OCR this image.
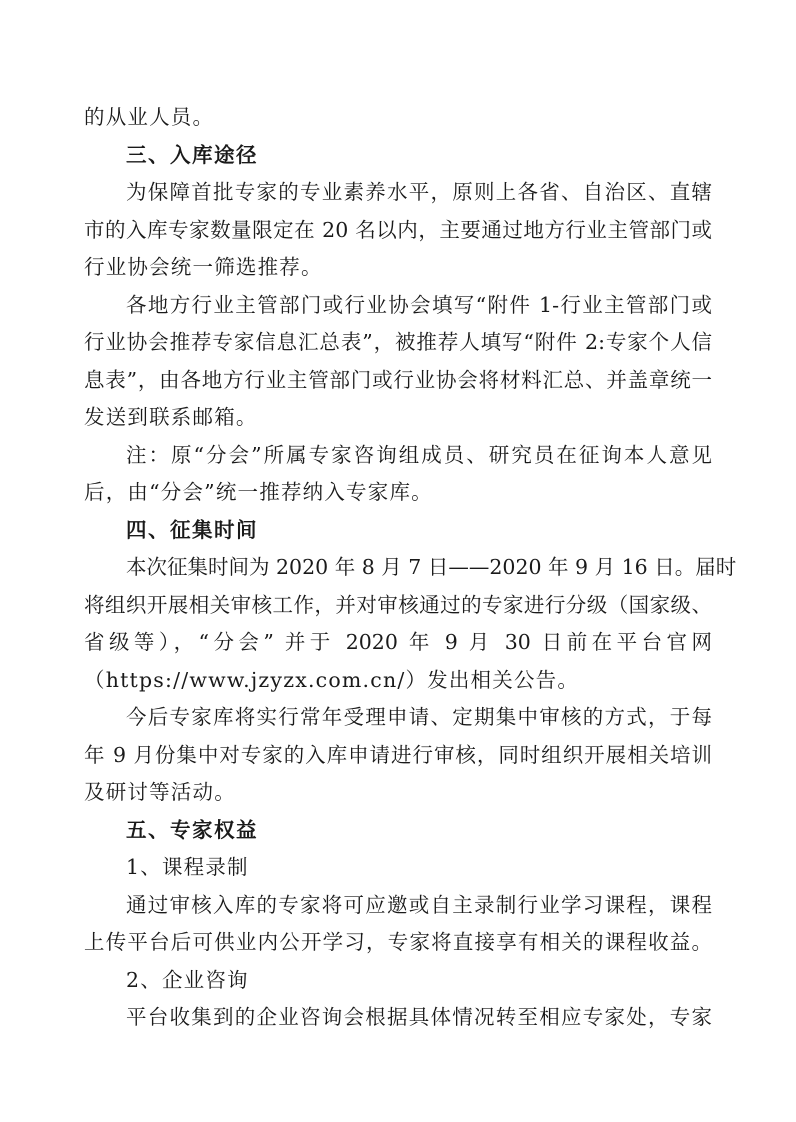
的从业人员。
三、入库途径
为保障首批专家的专业素养水平，原则上各省、自治区、直辖
市的入库专家数量限定在 20 名以内，主要通过地方行业主管部门或
行业协会统一筛选推荐。
各地方行业主管部门或行业协会填写“附件 1-行业主管部门或
行业协会推荐专家信息汇总表”，被推荐人填写“附件 2:专家个人信
息表”，由各地方行业主管部门或行业协会将材料汇总、并盖章统一
发送到联系邮箱。
注：原“分会”所属专家咨询组成员、研究员在征询本人意见
后，由“分会”统一推荐纳入专家库。
四、征集时间
本次征集时间为 2020 年 8 月 7 日——2020 年 9 月 16 日。届时
将组织开展相关审核工作，并对审核通过的专家进行分级（国家级、
省级等），“分会” 并于 2020 年 9 月 30 日前在平台官网
（https://www.jzyzx.com.cn/）发出相关公告。
今后专家库将实行常年受理申请、定期集中审核的方式，于每
年 9 月份集中对专家的入库申请进行审核，同时组织开展相关培训
及研讨等活动。
五、专家权益
1、课程录制
通过审核入库的专家将可应邀或自主录制行业学习课程，课程
上传平台后可供业内公开学习，专家将直接享有相关的课程收益。
2、企业咨询
平台收集到的企业咨询会根据具体情况转至相应专家处，专家
